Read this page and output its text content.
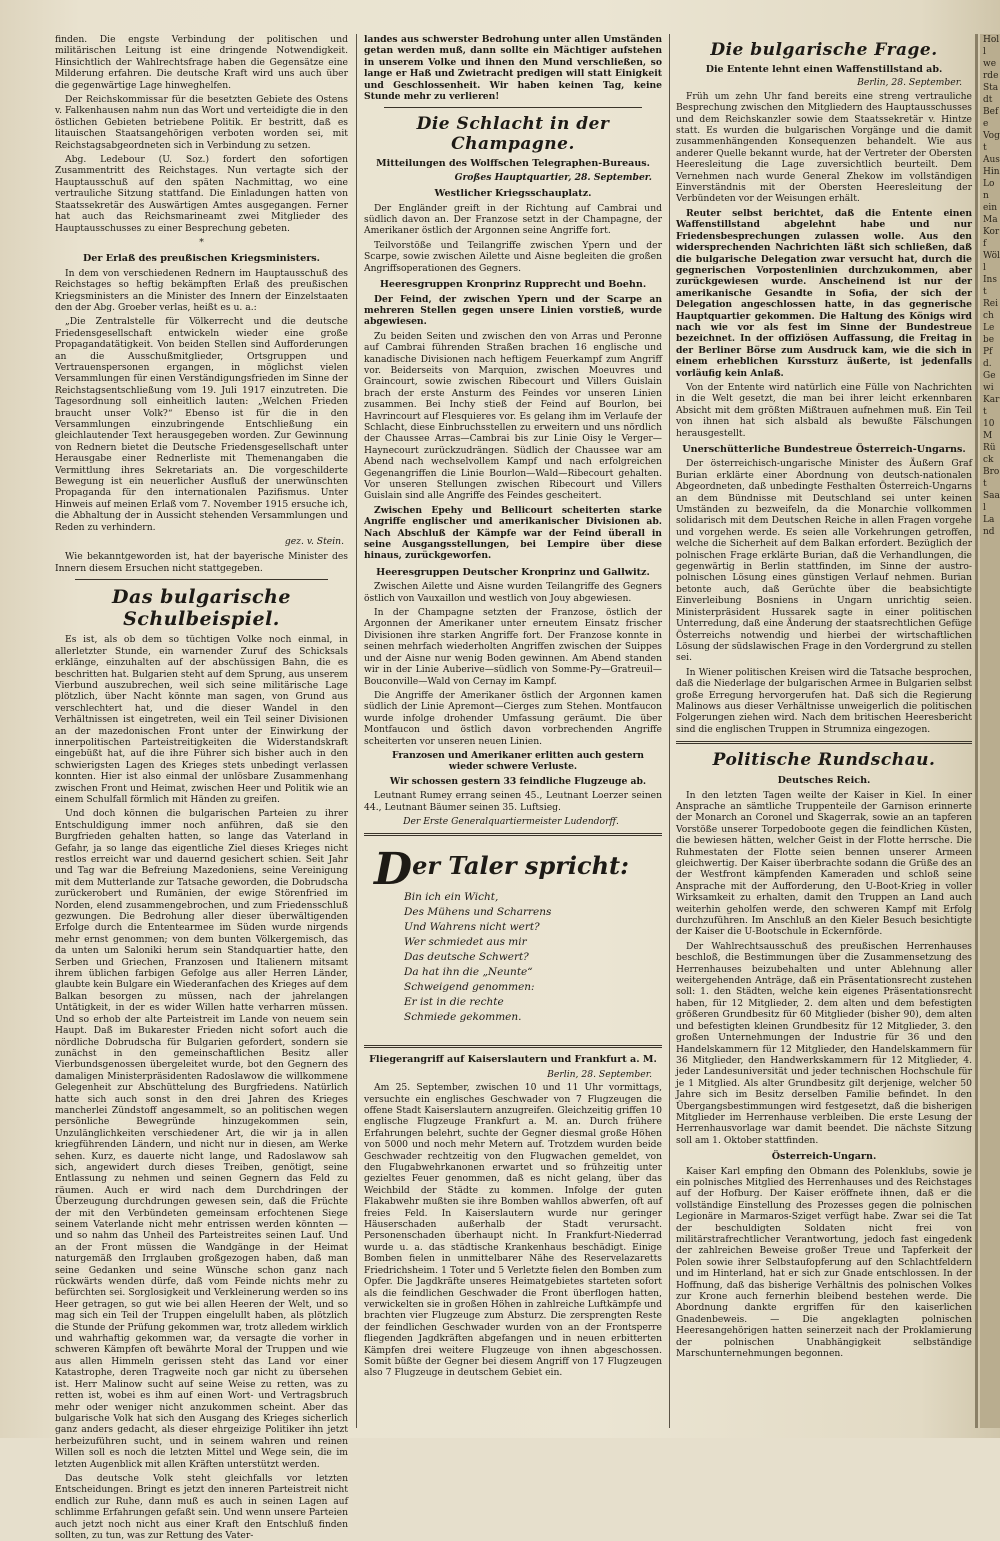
finden. Die engste Verbindung der politischen und militärischen Leitung ist eine dringende Notwendigkeit. Hinsichtlich der Wahlrechtsfrage haben die Gegensätze eine Milderung erfahren. Die deutsche Kraft wird uns auch über die gegenwärtige Lage hinweghelfen.

Der Reichskommissar für die besetzten Gebiete des Ostens v. Falkenhausen nahm nun das Wort und verteidigte die in den östlichen Gebieten betriebene Politik. Er bestritt, daß es litauischen Staatsangehörigen verboten worden sei, mit Reichstagsabgeordneten sich in Verbindung zu setzen.

Abg. Ledebour (U. Soz.) fordert den sofortigen Zusammentritt des Reichstages. Nun vertagte sich der Hauptausschuß auf den späten Nachmittag, wo eine vertrauliche Sitzung stattfand. Die Einladungen hatten von Staatssekretär des Auswärtigen Amtes ausgegangen. Ferner hat auch das Reichsmarineamt zwei Mitglieder des Hauptausschusses zu einer Besprechung gebeten.

*
Der Erlaß des preußischen Kriegsministers.

In dem von verschiedenen Rednern im Hauptausschuß des Reichstages so heftig bekämpften Erlaß des preußischen Kriegsministers an die Minister des Innern der Einzelstaaten den der Abg. Groeber verlas, heißt es u. a.:

„Die Zentralstelle für Völkerrecht und die deutsche Friedensgesellschaft entwickeln wieder eine große Propagandatätigkeit. Von beiden Stellen sind Aufforderungen an die Ausschußmitglieder, Ortsgruppen und Vertrauenspersonen ergangen, in möglichst vielen Versammlungen für einen Verständigungsfrieden im Sinne der Reichstagsentschließung vom 19. Juli 1917 einzutreten. Die Tagesordnung soll einheitlich lauten: „Welchen Frieden braucht unser Volk?“ Ebenso ist für die in den Versammlungen einzubringende Entschließung ein gleichlautender Text herausgegeben worden. Zur Gewinnung von Rednern bietet die Deutsche Friedensgesellschaft unter Herausgabe einer Rednerliste mit Themenangaben die Vermittlung ihres Sekretariats an. Die vorgeschilderte Bewegung ist ein neuerlicher Ausfluß der unerwünschten Propaganda für den internationalen Pazifismus. Unter Hinweis auf meinen Erlaß vom 7. November 1915 ersuche ich, die Abhaltung der in Aussicht stehenden Versammlungen und Reden zu verhindern.

gez. v. Stein.

Wie bekanntgeworden ist, hat der bayerische Minister des Innern diesem Ersuchen nicht stattgegeben.

Das bulgarische Schulbeispiel.

Es ist, als ob dem so tüchtigen Volke noch einmal, in allerletzter Stunde, ein warnender Zuruf des Schicksals erklänge, einzuhalten auf der abschüssigen Bahn, die es beschritten hat. Bulgarien steht auf dem Sprung, aus unserem Vierbund auszubrechen, weil sich seine militärische Lage plötzlich, über Nacht könnte man sagen, von Grund aus verschlechtert hat, und die dieser Wandel in den Verhältnissen ist eingetreten, weil ein Teil seiner Divisionen an der mazedonischen Front unter der Einwirkung der innerpolitischen Parteistreitigkeiten die Widerstandskraft eingebüßt hat, auf die ihre Führer sich bisher auch in den schwierigsten Lagen des Krieges stets unbedingt verlassen konnten. Hier ist also einmal der unlösbare Zusammenhang zwischen Front und Heimat, zwischen Heer und Politik wie an einem Schulfall förmlich mit Händen zu greifen.

Und doch können die bulgarischen Parteien zu ihrer Entschuldigung immer noch anführen, daß sie den Burgfrieden gehalten hatten, so lange das Vaterland in Gefahr, ja so lange das eigentliche Ziel dieses Krieges nicht restlos erreicht war und dauernd gesichert schien. Seit Jahr und Tag war die Befreiung Mazedoniens, seine Vereinigung mit dem Mutterlande zur Tatsache geworden, die Dobrudscha zurückerobert und Rumänien, der ewige Störenfried im Norden, elend zusammengebrochen, und zum Friedensschluß gezwungen. Die Bedrohung aller dieser überwältigenden Erfolge durch die Ententearmee im Süden wurde nirgends mehr ernst genommen; von dem bunten Völkergemisch, das da unten um Saloniki herum sein Standquartier hatte, den Serben und Griechen, Franzosen und Italienern mitsamt ihrem üblichen farbigen Gefolge aus aller Herren Länder, glaubte kein Bulgare ein Wiederanfachen des Krieges auf dem Balkan besorgen zu müssen, nach der jahrelangen Untätigkeit, in der es wider Willen hatte verharren müssen. Und so erhob der alte Parteistreit im Lande von neuem sein Haupt. Daß im Bukarester Frieden nicht sofort auch die nördliche Dobrudscha für Bulgarien gefordert, sondern sie zunächst in den gemeinschaftlichen Besitz aller Vierbundsgenossen übergeleitet wurde, bot den Gegnern des damaligen Ministerpräsidenten Radoslawow die willkommene Gelegenheit zur Abschüttelung des Burgfriedens. Natürlich hatte sich auch sonst in den drei Jahren des Krieges mancherlei Zündstoff angesammelt, so an politischen wegen persönliche Bewegründe hinzugekommen sein, Unzulänglichkeiten verschiedener Art, die wir ja in allen kriegführenden Ländern, und nicht nur in diesen, am Werke sehen. Kurz, es dauerte nicht lange, und Radoslawow sah sich, angewidert durch dieses Treiben, genötigt, seine Entlassung zu nehmen und seinen Gegnern das Feld zu räumen. Auch er wird nach dem Durchdringen der Überzeugung durchdrungen gewesen sein, daß die Früchte der mit den Verbündeten gemeinsam erfochtenen Siege seinem Vaterlande nicht mehr entrissen werden könnten — und so nahm das Unheil des Parteistreites seinen Lauf. Und an der Front müssen die Wandgänge in der Heimat naturgemäß den Irrglauben großgezogen haben, daß man seine Gedanken und seine Wünsche schon ganz nach rückwärts wenden dürfe, daß vom Feinde nichts mehr zu befürchten sei. Sorglosigkeit und Verkleinerung werden so ins Heer getragen, so gut wie bei allen Heeren der Welt, und so mag sich ein Teil der Truppen eingelullt haben, als plötzlich die Stunde der Prüfung gekommen war, trotz alledem wirklich und wahrhaftig gekommen war, da versagte die vorher in schweren Kämpfen oft bewährte Moral der Truppen und wie aus allen Himmeln gerissen steht das Land vor einer Katastrophe, deren Tragweite noch gar nicht zu übersehen ist. Herr Malinow sucht auf seine Weise zu retten, was zu retten ist, wobei es ihm auf einen Wort- und Vertragsbruch mehr oder weniger nicht anzukommen scheint. Aber das bulgarische Volk hat sich den Ausgang des Krieges sicherlich ganz anders gedacht, als dieser ehrgeizige Politiker ihn jetzt herbeizuführen sucht, und in seinem wahren und reinen Willen soll es noch die letzten Mittel und Wege sein, die im letzten Augenblick mit allen Kräften unterstützt werden.

Das deutsche Volk steht gleichfalls vor letzten Entscheidungen. Bringt es jetzt den inneren Parteistreit nicht endlich zur Ruhe, dann muß es auch in seinen Lagen auf schlimme Erfahrungen gefaßt sein. Und wenn unsere Parteien auch jetzt noch nicht aus einer Kraft den Entschluß finden sollten, zu tun, was zur Rettung des Vater-

landes aus schwerster Bedrohung unter allen Umständen getan werden muß, dann sollte ein Mächtiger aufstehen in unserem Volke und ihnen den Mund verschließen, so lange er Haß und Zwietracht predigen will statt Einigkeit und Geschlossenheit. Wir haben keinen Tag, keine Stunde mehr zu verlieren!

Die Schlacht in der Champagne.
Mitteilungen des Wolffschen Telegraphen-Bureaus.
Großes Hauptquartier, 28. September.
Westlicher Kriegsschauplatz.

Der Engländer greift in der Richtung auf Cambrai und südlich davon an. Der Franzose setzt in der Champagne, der Amerikaner östlich der Argonnen seine Angriffe fort.

Teilvorstöße und Teilangriffe zwischen Ypern und der Scarpe, sowie zwischen Ailette und Aisne begleiten die großen Angriffsoperationen des Gegners.

Heeresgruppen Kronprinz Rupprecht und Boehn.

Der Feind, der zwischen Ypern und der Scarpe an mehreren Stellen gegen unsere Linien vorstieß, wurde abgewiesen.

Zu beiden Seiten und zwischen den von Arras und Peronne auf Cambrai führenden Straßen brachen 16 englische und kanadische Divisionen nach heftigem Feuerkampf zum Angriff vor. Beiderseits von Marquion, zwischen Moeuvres und Graincourt, sowie zwischen Ribecourt und Villers Guislain brach der erste Ansturm des Feindes vor unseren Linien zusammen. Bei Inchy stieß der Feind auf Bourlon, bei Havrincourt auf Flesquieres vor. Es gelang ihm im Verlaufe der Schlacht, diese Einbruchsstellen zu erweitern und uns nördlich der Chaussee Arras—Cambrai bis zur Linie Oisy le Verger—Haynecourt zurückzudrängen. Südlich der Chaussee war am Abend nach wechselvollem Kampf und nach erfolgreichen Gegenangriffen die Linie Bourlon—Wald—Ribecourt gehalten. Vor unseren Stellungen zwischen Ribecourt und Villers Guislain sind alle Angriffe des Feindes gescheitert.

Zwischen Epehy und Bellicourt scheiterten starke Angriffe englischer und amerikanischer Divisionen ab. Nach Abschluß der Kämpfe war der Feind überall in seine Ausgangsstellungen, bei Lempire über diese hinaus, zurückgeworfen.

Heeresgruppen Deutscher Kronprinz und Gallwitz.

Zwischen Ailette und Aisne wurden Teilangriffe des Gegners östlich von Vauxaillon und westlich von Jouy abgewiesen.

In der Champagne setzten der Franzose, östlich der Argonnen der Amerikaner unter erneutem Einsatz frischer Divisionen ihre starken Angriffe fort. Der Franzose konnte in seinen mehrfach wiederholten Angriffen zwischen der Suippes und der Aisne nur wenig Boden gewinnen. Am Abend standen wir in der Linie Auberive—südlich von Somme-Py—Gratreuil—Bouconville—Wald von Cernay im Kampf.

Die Angriffe der Amerikaner östlich der Argonnen kamen südlich der Linie Apremont—Cierges zum Stehen. Montfaucon wurde infolge drohender Umfassung geräumt. Die über Montfaucon und östlich davon vorbrechenden Angriffe scheiterten vor unseren neuen Linien.

Franzosen und Amerikaner erlitten auch gestern wieder schwere Verluste.

Wir schossen gestern 33 feindliche Flugzeuge ab.

Leutnant Rumey errang seinen 45., Leutnant Loerzer seinen 44., Leutnant Bäumer seinen 35. Luftsieg.

Der Erste Generalquartiermeister Ludendorff.
Der Taler spricht:
Bin ich ein Wicht,
Des Mühens und Scharrens
Und Wahrens nicht wert?
Wer schmiedet aus mir
Das deutsche Schwert?
Da hat ihn die „Neunte“
Schweigend genommen:
Er ist in die rechte
Schmiede gekommen.
Fliegerangriff auf Kaiserslautern und Frankfurt a. M.
Berlin, 28. September.

Am 25. September, zwischen 10 und 11 Uhr vormittags, versuchte ein englisches Geschwader von 7 Flugzeugen die offene Stadt Kaiserslautern anzugreifen. Gleichzeitig griffen 10 englische Flugzeuge Frankfurt a. M. an. Durch frühere Erfahrungen belehrt, suchte der Gegner diesmal große Höhen von 5000 und noch mehr Metern auf. Trotzdem wurden beide Geschwader rechtzeitig von den Flugwachen gemeldet, von den Flugabwehrkanonen erwartet und so frühzeitig unter gezieltes Feuer genommen, daß es nicht gelang, über das Weichbild der Städte zu kommen. Infolge der guten Flakabwehr mußten sie ihre Bomben wahllos abwerfen, oft auf freies Feld. In Kaiserslautern wurde nur geringer Häuserschaden außerhalb der Stadt verursacht. Personenschaden überhaupt nicht. In Frankfurt-Niederrad wurde u. a. das städtische Krankenhaus beschädigt. Einige Bomben fielen in unmittelbarer Nähe des Reservelazaretts Friedrichsheim. 1 Toter und 5 Verletzte fielen den Bomben zum Opfer. Die Jagdkräfte unseres Heimatgebietes starteten sofort als die feindlichen Geschwader die Front überflogen hatten, verwickelten sie in großen Höhen in zahlreiche Luftkämpfe und brachten vier Flugzeuge zum Absturz. Die zersprengten Reste der feindlichen Geschwader wurden von an der Frontsperre fliegenden Jagdkräften abgefangen und in neuen erbitterten Kämpfen drei weitere Flugzeuge von ihnen abgeschossen. Somit büßte der Gegner bei diesem Angriff von 17 Flugzeugen also 7 Flugzeuge in deutschem Gebiet ein.

Die bulgarische Frage.
Die Entente lehnt einen Waffenstillstand ab.
Berlin, 28. September.

Früh um zehn Uhr fand bereits eine streng vertrauliche Besprechung zwischen den Mitgliedern des Hauptausschusses und dem Reichskanzler sowie dem Staatssekretär v. Hintze statt. Es wurden die bulgarischen Vorgänge und die damit zusammenhängenden Konsequenzen behandelt. Wie aus anderer Quelle bekannt wurde, hat der Vertreter der Obersten Heeresleitung die Lage zuversichtlich beurteilt. Dem Vernehmen nach wurde General Zhekow im vollständigen Einverständnis mit der Obersten Heeresleitung der Verbündeten vor der Weisungen erhält.

Reuter selbst berichtet, daß die Entente einen Waffenstillstand abgelehnt habe und nur Friedensbesprechungen zulassen wolle. Aus den widersprechenden Nachrichten läßt sich schließen, daß die bulgarische Delegation zwar versucht hat, durch die gegnerischen Vorpostenlinien durchzukommen, aber zurückgewiesen wurde. Anscheinend ist nur der amerikanische Gesandte in Sofia, der sich der Delegation angeschlossen hatte, in das gegnerische Hauptquartier gekommen. Die Haltung des Königs wird nach wie vor als fest im Sinne der Bundestreue bezeichnet. In der offiziösen Auffassung, die Freitag in der Berliner Börse zum Ausdruck kam, wie die sich in einem erheblichen Kurssturz äußerte, ist jedenfalls vorläufig kein Anlaß.

Von der Entente wird natürlich eine Fülle von Nachrichten in die Welt gesetzt, die man bei ihrer leicht erkennbaren Absicht mit dem größten Mißtrauen aufnehmen muß. Ein Teil von ihnen hat sich alsbald als bewußte Fälschungen herausgestellt.

Unerschütterliche Bundestreue Österreich-Ungarns.

Der österreichisch-ungarische Minister des Äußern Graf Burian erklärte einer Abordnung von deutsch-nationalen Abgeordneten, daß unbedingte Festhalten Österreich-Ungarns an dem Bündnisse mit Deutschland sei unter keinen Umständen zu bezweifeln, da die Monarchie vollkommen solidarisch mit dem Deutschen Reiche in allen Fragen vorgehe und vorgehen werde. Es seien alle Vorkehrungen getroffen, welche die Sicherheit auf dem Balkan erfordert. Bezüglich der polnischen Frage erklärte Burian, daß die Verhandlungen, die gegenwärtig in Berlin stattfinden, im Sinne der austro-polnischen Lösung eines günstigen Verlauf nehmen. Burian betonte auch, daß Gerüchte über die beabsichtigte Einverleibung Bosniens in Ungarn unrichtig seien. Ministerpräsident Hussarek sagte in einer politischen Unterredung, daß eine Änderung der staatsrechtlichen Gefüge Österreichs notwendig und hierbei der wirtschaftlichen Lösung der südslawischen Frage in den Vordergrund zu stellen sei.

In Wiener politischen Kreisen wird die Tatsache besprochen, daß die Niederlage der bulgarischen Armee in Bulgarien selbst große Erregung hervorgerufen hat. Daß sich die Regierung Malinows aus dieser Verhältnisse unweigerlich die politischen Folgerungen ziehen wird. Nach dem britischen Heeresbericht sind die englischen Truppen in Strumniza eingezogen.

Politische Rundschau.
Deutsches Reich.

In den letzten Tagen weilte der Kaiser in Kiel. In einer Ansprache an sämtliche Truppenteile der Garnison erinnerte der Monarch an Coronel und Skagerrak, sowie an an tapferen Vorstöße unserer Torpedoboote gegen die feindlichen Küsten, die bewiesen hätten, welcher Geist in der Flotte herrsche. Die Ruhmestaten der Flotte seien bennen unserer Armeen gleichwertig. Der Kaiser überbrachte sodann die Grüße des an der Westfront kämpfenden Kameraden und schloß seine Ansprache mit der Aufforderung, den U-Boot-Krieg in voller Wirksamkeit zu erhalten, damit den Truppen an Land auch weiterhin geholfen werde, den schweren Kampf mit Erfolg durchzuführen. Im Anschluß an den Kieler Besuch besichtigte der Kaiser die U-Bootschule in Eckernförde.

Der Wahlrechtsausschuß des preußischen Herrenhauses beschloß, die Bestimmungen über die Zusammensetzung des Herrenhauses beizubehalten und unter Ablehnung aller weitergehenden Anträge, daß ein Präsentationsrecht zustehen soll: 1. den Städten, welche kein eigenes Präsentationsrecht haben, für 12 Mitglieder, 2. dem alten und dem befestigten größeren Grundbesitz für 60 Mitglieder (bisher 90), dem alten und befestigten kleinen Grundbesitz für 12 Mitglieder, 3. den großen Unternehmungen der Industrie für 36 und den Handelskammern für 12 Mitglieder, den Handelskammern für 36 Mitglieder, den Handwerkskammern für 12 Mitglieder, 4. jeder Landesuniversität und jeder technischen Hochschule für je 1 Mitglied. Als alter Grundbesitz gilt derjenige, welcher 50 Jahre sich im Besitz derselben Familie befindet. In den Übergangsbestimmungen wird festgesetzt, daß die bisherigen Mitglieder im Herrenhause verbleiben. Die erste Lesung der Herrenhausvorlage war damit beendet. Die nächste Sitzung soll am 1. Oktober stattfinden.

Österreich-Ungarn.

Kaiser Karl empfing den Obmann des Polenklubs, sowie je ein polnisches Mitglied des Herrenhauses und des Reichstages auf der Hofburg. Der Kaiser eröffnete ihnen, daß er die vollständige Einstellung des Prozesses gegen die polnischen Legionäre in Marmaros-Sziget verfügt habe. Zwar sei die Tat der beschuldigten Soldaten nicht frei von militärstrafrechtlicher Verantwortung, jedoch fast eingedenk der zahlreichen Beweise großer Treue und Tapferkeit der Polen sowie ihrer Selbstaufopferung auf den Schlachtfeldern und im Hinterland, hat er sich zur Gnade entschlossen. In der Hoffnung, daß das bisherige Verhältnis des polnischen Volkes zur Krone auch fernerhin bleibend bestehen werde. Die Abordnung dankte ergriffen für den kaiserlichen Gnadenbeweis. — Die angeklagten polnischen Heeresangehörigen hatten seinerzeit nach der Proklamierung der polnischen Unabhängigkeit selbständige Marschunternehmungen begonnen.

Holl
werde
Stadt
Befe
Vogt
Aus
Hin
Lon
ein
Ma
Korf
Wöll
Inst
Reich
Lebe
Pfd.
Gewi
Kart
10 M
Rück
Brot
Saal
Land
